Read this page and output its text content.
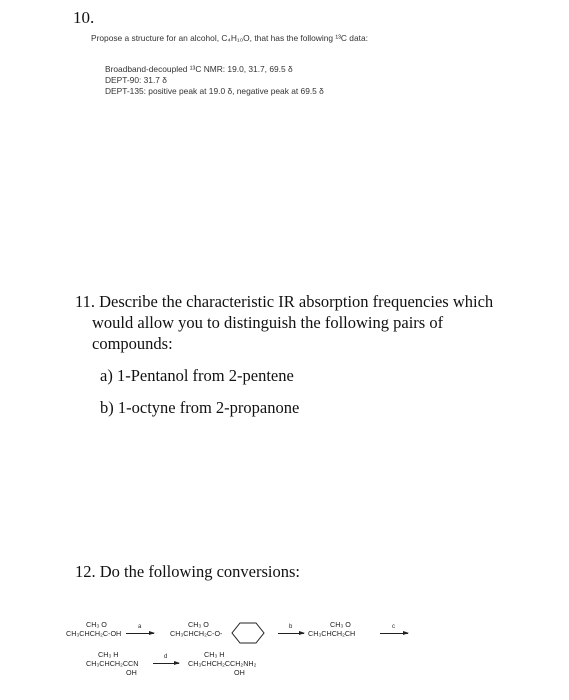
10.
Propose a structure for an alcohol, C₄H₁₀O, that has the following ¹³C data:
Broadband-decoupled ¹³C NMR: 19.0, 31.7, 69.5 δ
DEPT-90: 31.7 δ
DEPT-135: positive peak at 19.0 δ, negative peak at 69.5 δ
11. Describe the characteristic IR absorption frequencies which
would allow you to distinguish the following pairs of
compounds:
a) 1-Pentanol from 2-pentene
b) 1-octyne from 2-propanone
12. Do the following conversions:
CH₃ O
CH₃CHCH₂C-OH
a	CH₃ O
CH₃CHCH₂C-O-
b	CH₃ O
CH₃CHCH₂CH
c
CH₃ H
CH₃CHCH₂CCN
OH
d	CH₃ H
CH₃CHCH₂CCH₂NH₂
OH
